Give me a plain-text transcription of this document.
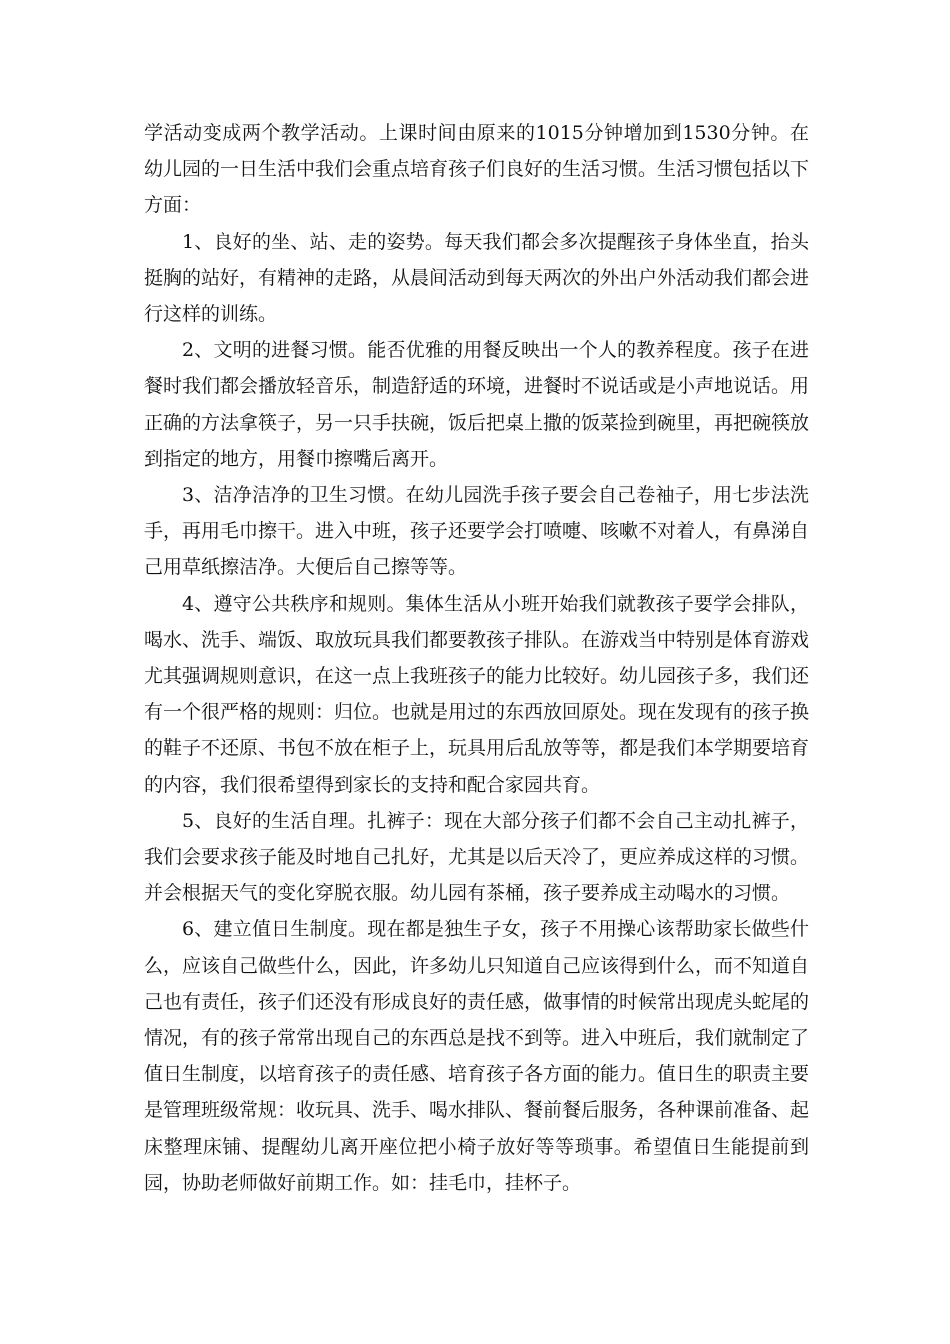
学活动变成两个教学活动。上课时间由原来的1015分钟增加到1530分钟。在幼儿园的一日生活中我们会重点培育孩子们良好的生活习惯。生活习惯包括以下方面：

1、良好的坐、站、走的姿势。每天我们都会多次提醒孩子身体坐直，抬头挺胸的站好，有精神的走路，从晨间活动到每天两次的外出户外活动我们都会进行这样的训练。

2、文明的进餐习惯。能否优雅的用餐反映出一个人的教养程度。孩子在进餐时我们都会播放轻音乐，制造舒适的环境，进餐时不说话或是小声地说话。用正确的方法拿筷子，另一只手扶碗，饭后把桌上撒的饭菜捡到碗里，再把碗筷放到指定的地方，用餐巾擦嘴后离开。

3、洁净洁净的卫生习惯。在幼儿园洗手孩子要会自己卷袖子，用七步法洗手，再用毛巾擦干。进入中班，孩子还要学会打喷嚏、咳嗽不对着人，有鼻涕自己用草纸擦洁净。大便后自己擦等等。

4、遵守公共秩序和规则。集体生活从小班开始我们就教孩子要学会排队，喝水、洗手、端饭、取放玩具我们都要教孩子排队。在游戏当中特别是体育游戏尤其强调规则意识，在这一点上我班孩子的能力比较好。幼儿园孩子多，我们还有一个很严格的规则：归位。也就是用过的东西放回原处。现在发现有的孩子换的鞋子不还原、书包不放在柜子上，玩具用后乱放等等，都是我们本学期要培育的内容，我们很希望得到家长的支持和配合家园共育。

5、良好的生活自理。扎裤子：现在大部分孩子们都不会自己主动扎裤子，我们会要求孩子能及时地自己扎好，尤其是以后天冷了，更应养成这样的习惯。并会根据天气的变化穿脱衣服。幼儿园有茶桶，孩子要养成主动喝水的习惯。

6、建立值日生制度。现在都是独生子女，孩子不用操心该帮助家长做些什么，应该自己做些什么，因此，许多幼儿只知道自己应该得到什么，而不知道自己也有责任，孩子们还没有形成良好的责任感，做事情的时候常出现虎头蛇尾的情况，有的孩子常常出现自己的东西总是找不到等。进入中班后，我们就制定了值日生制度，以培育孩子的责任感、培育孩子各方面的能力。值日生的职责主要是管理班级常规：收玩具、洗手、喝水排队、餐前餐后服务，各种课前准备、起床整理床铺、提醒幼儿离开座位把小椅子放好等等琐事。希望值日生能提前到园，协助老师做好前期工作。如：挂毛巾，挂杯子。
